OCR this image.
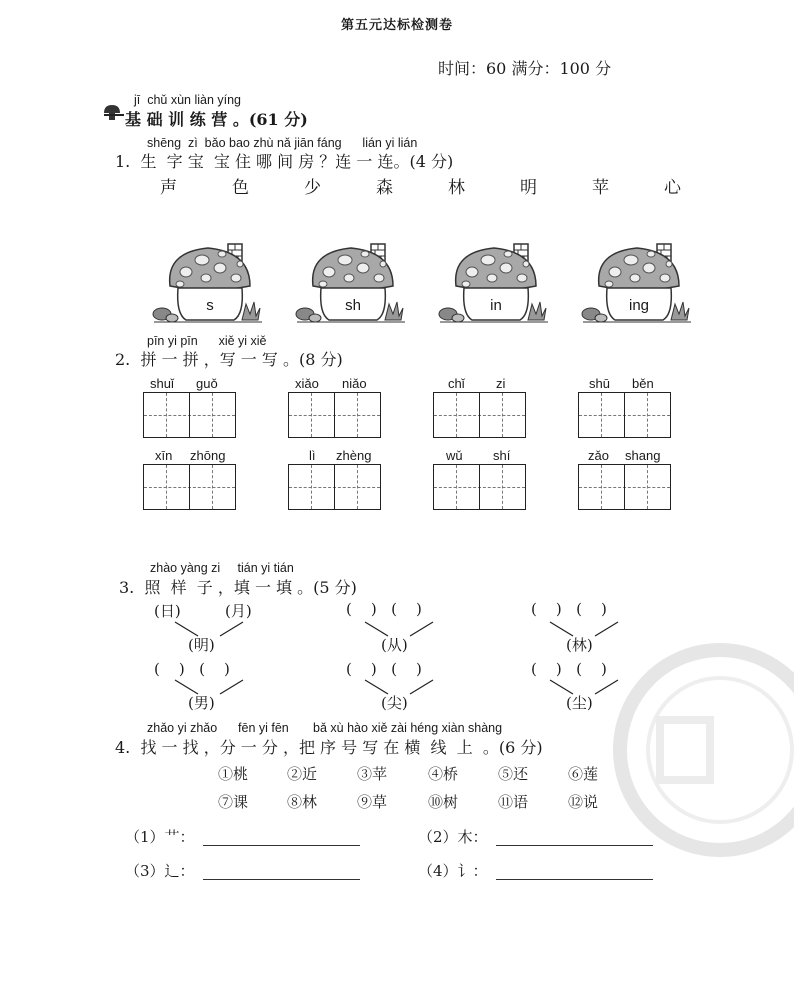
第五元达标检测卷
时间：60 满分：100 分
jī  chǔ xùn liàn yíng
基 础 训 练 营 。(61 分)
shēng  zì  bǎo bao zhù nǎ jiān fáng      lián yi lián
1.  生  字 宝  宝 住 哪 间 房 ？连 一 连。(4 分)
声	色	少	森	林	明	苹	心
s	sh	in	ing
pīn yi pīn      xiě yi xiě
2.  拼 一 拼 ，写 一 写 。(8 分)
shuǐ guǒ	xiǎo niǎo	chǐ zi	shū běn
xīn zhōng	lì zhèng	wǔ shí	zǎo shang
zhào yàng zi     tián yi tián
3.  照  样  子 ，填 一 填 。(5 分)
(日)	(月)
(明)
(    )   (    )
(从)
(    )   (    )
(林)
(    )   (    )
(男)
(    )   (    )
(尖)
(    )   (    )
(尘)
zhǎo yi zhǎo      fēn yi fēn       bǎ xù hào xiě zài héng xiàn shàng
4.  找 一 找 ，分 一 分 ，把 序 号 写 在 横  线  上  。(6 分)
①桃	②近	③苹	④桥	⑤还	⑥莲
⑦课	⑧林	⑨草	⑩树	⑪语	⑫说
（1）艹：	（2）木：
（3）辶：	（4）讠：
